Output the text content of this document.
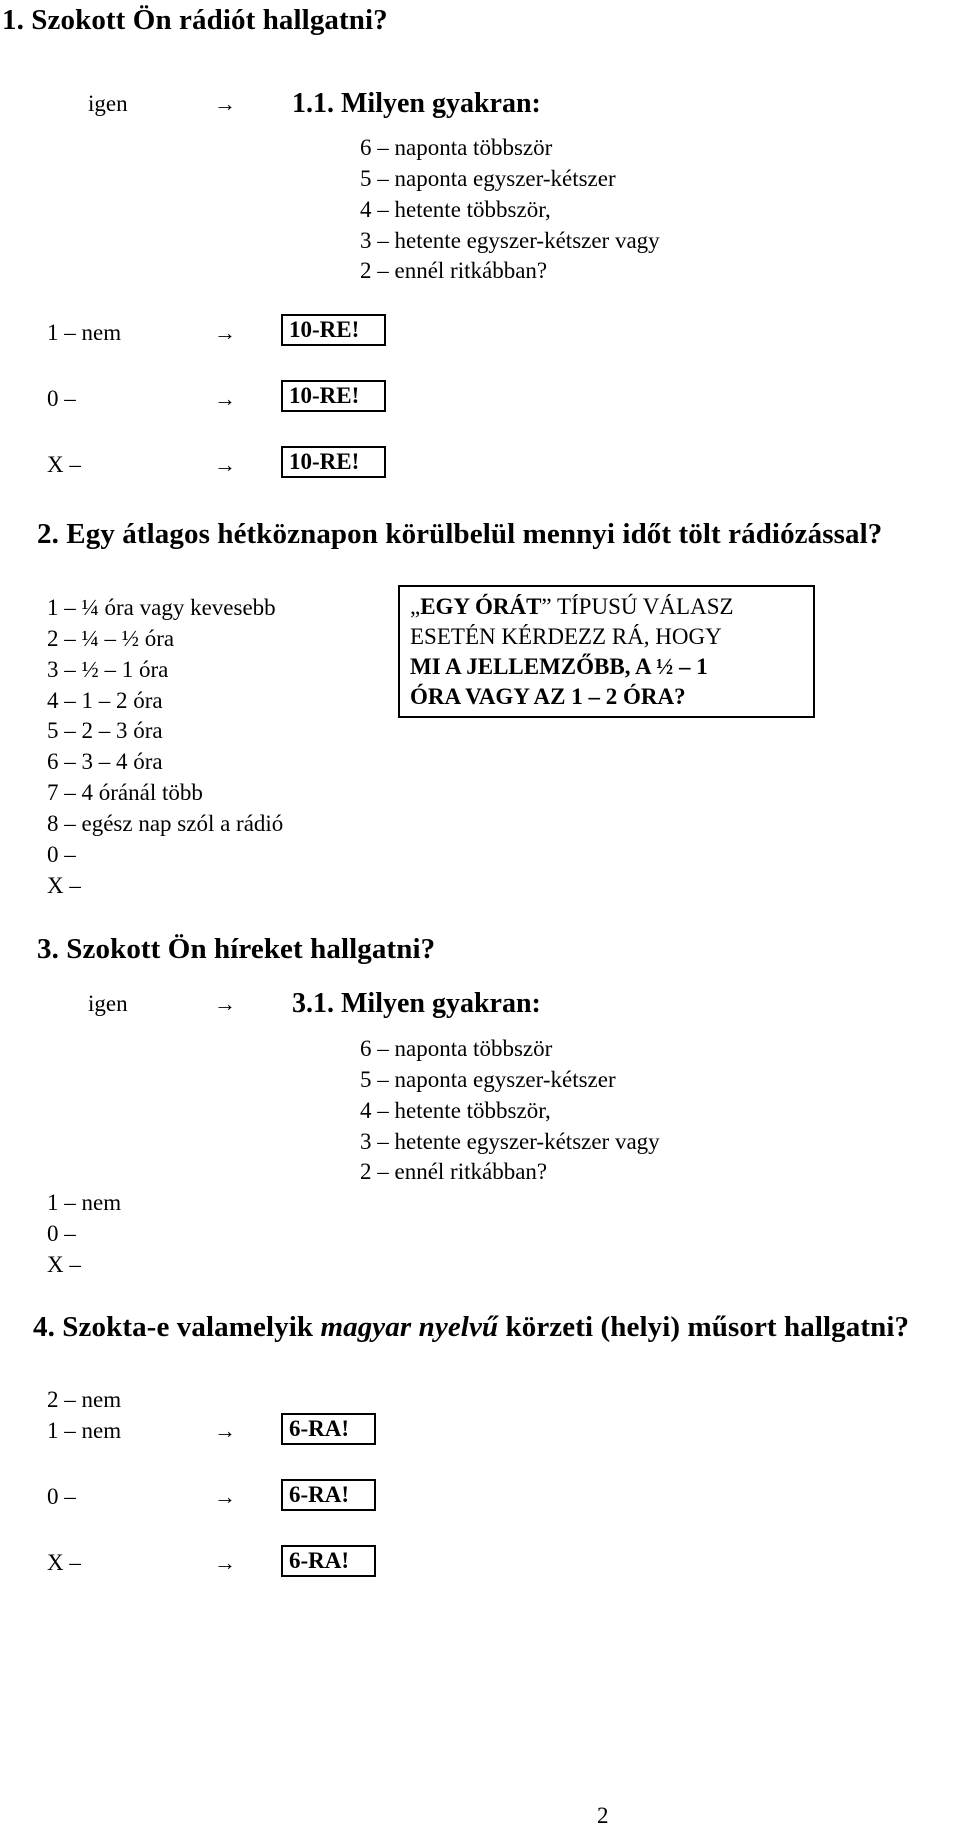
1. Szokott Ön rádiót hallgatni?
igen	→ 1.1. Milyen gyakran:
6 – naponta többször
5 – naponta egyszer-kétszer
4 – hetente többször,
3 – hetente egyszer-kétszer vagy
2 – ennél ritkábban?
1 – nem	→	10-RE!
0 –	→	10-RE!
X –	→	10-RE!
2. Egy átlagos hétköznapon körülbelül mennyi időt tölt rádiózással?
1 – ¼ óra vagy kevesebb
2 – ¼ – ½ óra
3 – ½ – 1 óra
4 – 1 – 2 óra
5 – 2 – 3 óra
6 – 3 – 4 óra
7 – 4 óránál több
8 – egész nap szól a rádió
0 –
X –
„EGY ÓRÁT” TÍPUSÚ VÁLASZ
ESETÉN KÉRDEZZ RÁ, HOGY
MI A JELLEMZŐBB, A ½ – 1
ÓRA VAGY AZ 1 – 2 ÓRA?
3. Szokott Ön híreket hallgatni?
igen	→ 3.1. Milyen gyakran:
6 – naponta többször
5 – naponta egyszer-kétszer
4 – hetente többször,
3 – hetente egyszer-kétszer vagy
2 – ennél ritkábban?
1 – nem
0 –
X –
4. Szokta-e valamelyik magyar nyelvű körzeti (helyi) műsort hallgatni?
2 – nem
1 – nem	→	6-RA!
0 –	→	6-RA!
X –	→	6-RA!
2
